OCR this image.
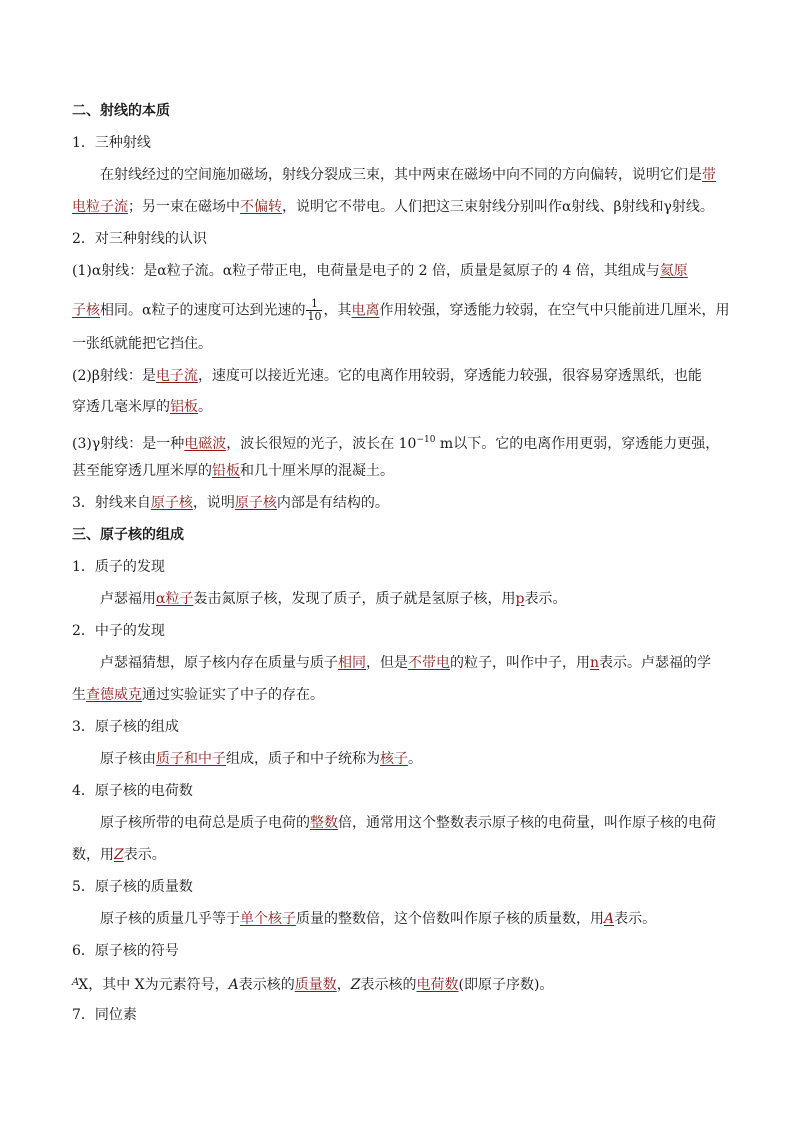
二、射线的本质
1．三种射线
在射线经过的空间施加磁场，射线分裂成三束，其中两束在磁场中向不同的方向偏转，说明它们是带
电粒子流；另一束在磁场中不偏转，说明它不带电。人们把这三束射线分别叫作α射线、β射线和γ射线。
2．对三种射线的认识
(1)α射线：是α粒子流。α粒子带正电，电荷量是电子的 2 倍，质量是氦原子的 4 倍，其组成与氦原
子核相同。α粒子的速度可达到光速的 $\frac{1}{10}$ ，其电离作用较强，穿透能力较弱，在空气中只能前进几厘米，用
一张纸就能把它挡住。
(2)β射线：是电子流，速度可以接近光速。它的电离作用较弱，穿透能力较强，很容易穿透黑纸，也能
穿透几毫米厚的铝板。
(3)γ射线：是一种电磁波，波长很短的光子，波长在 $10^{-10}$ m以下。它的电离作用更弱，穿透能力更强，
甚至能穿透几厘米厚的铅板和几十厘米厚的混凝土。
3．射线来自原子核，说明原子核内部是有结构的。
三、原子核的组成
1．质子的发现
卢瑟福用α粒子轰击氮原子核，发现了质子，质子就是氢原子核，用p表示。
2．中子的发现
卢瑟福猜想，原子核内存在质量与质子相同，但是不带电的粒子，叫作中子，用n表示。卢瑟福的学
生查德威克通过实验证实了中子的存在。
3．原子核的组成
原子核由质子和中子组成，质子和中子统称为核子。
4．原子核的电荷数
原子核所带的电荷总是质子电荷的整数倍，通常用这个整数表示原子核的电荷量，叫作原子核的电荷
数，用Z表示。
5．原子核的质量数
原子核的质量几乎等于单个核子质量的整数倍，这个倍数叫作原子核的质量数，用A表示。
6．原子核的符号
$^A$X，其中 X为元素符号，A表示核的质量数，Z表示核的电荷数(即原子序数)。
7．同位素
